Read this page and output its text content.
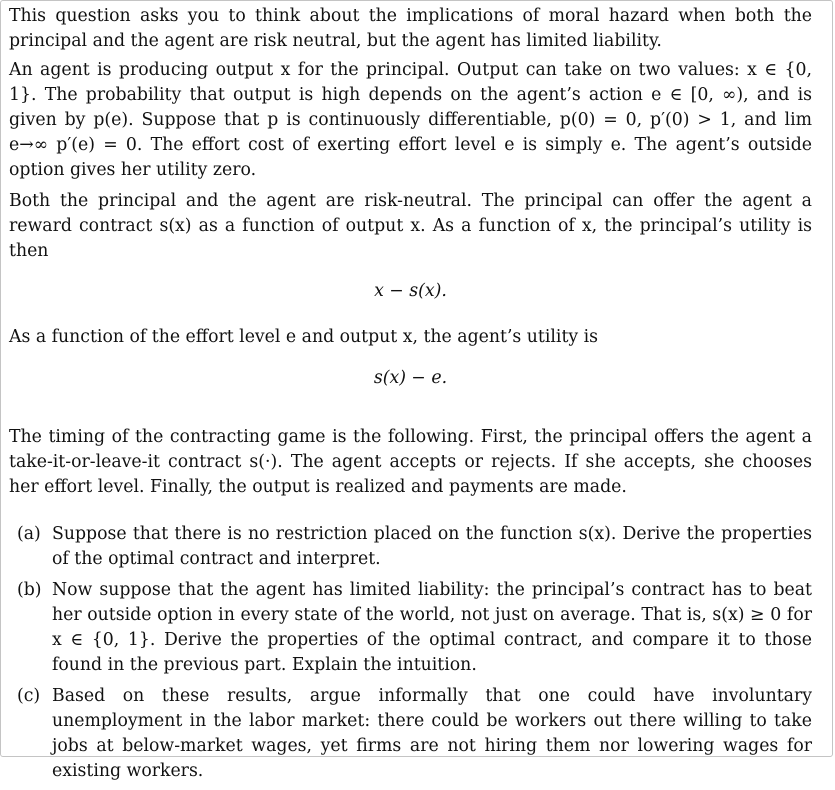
This question asks you to think about the implications of moral hazard when both the principal and the agent are risk neutral, but the agent has limited liability.

An agent is producing output x for the principal. Output can take on two values: x ∈ {0, 1}. The probability that output is high depends on the agent’s action e ∈ [0, ∞), and is given by p(e). Suppose that p is continuously differentiable, p(0) = 0, p′(0) > 1, and lim e→∞ p′(e) = 0. The effort cost of exerting effort level e is simply e. The agent’s outside option gives her utility zero.

Both the principal and the agent are risk-neutral. The principal can offer the agent a reward contract s(x) as a function of output x. As a function of x, the principal’s utility is then

x − s(x).

As a function of the effort level e and output x, the agent’s utility is

s(x) − e.

The timing of the contracting game is the following. First, the principal offers the agent a take-it-or-leave-it contract s(·). The agent accepts or rejects. If she accepts, she chooses her effort level. Finally, the output is realized and payments are made.

(a) Suppose that there is no restriction placed on the function s(x). Derive the properties of the optimal contract and interpret.
(b) Now suppose that the agent has limited liability: the principal’s contract has to beat her outside option in every state of the world, not just on average. That is, s(x) ≥ 0 for x ∈ {0, 1}. Derive the properties of the optimal contract, and compare it to those found in the previous part. Explain the intuition.
(c) Based on these results, argue informally that one could have involuntary unemployment in the labor market: there could be workers out there willing to take jobs at below-market wages, yet firms are not hiring them nor lowering wages for existing workers.
